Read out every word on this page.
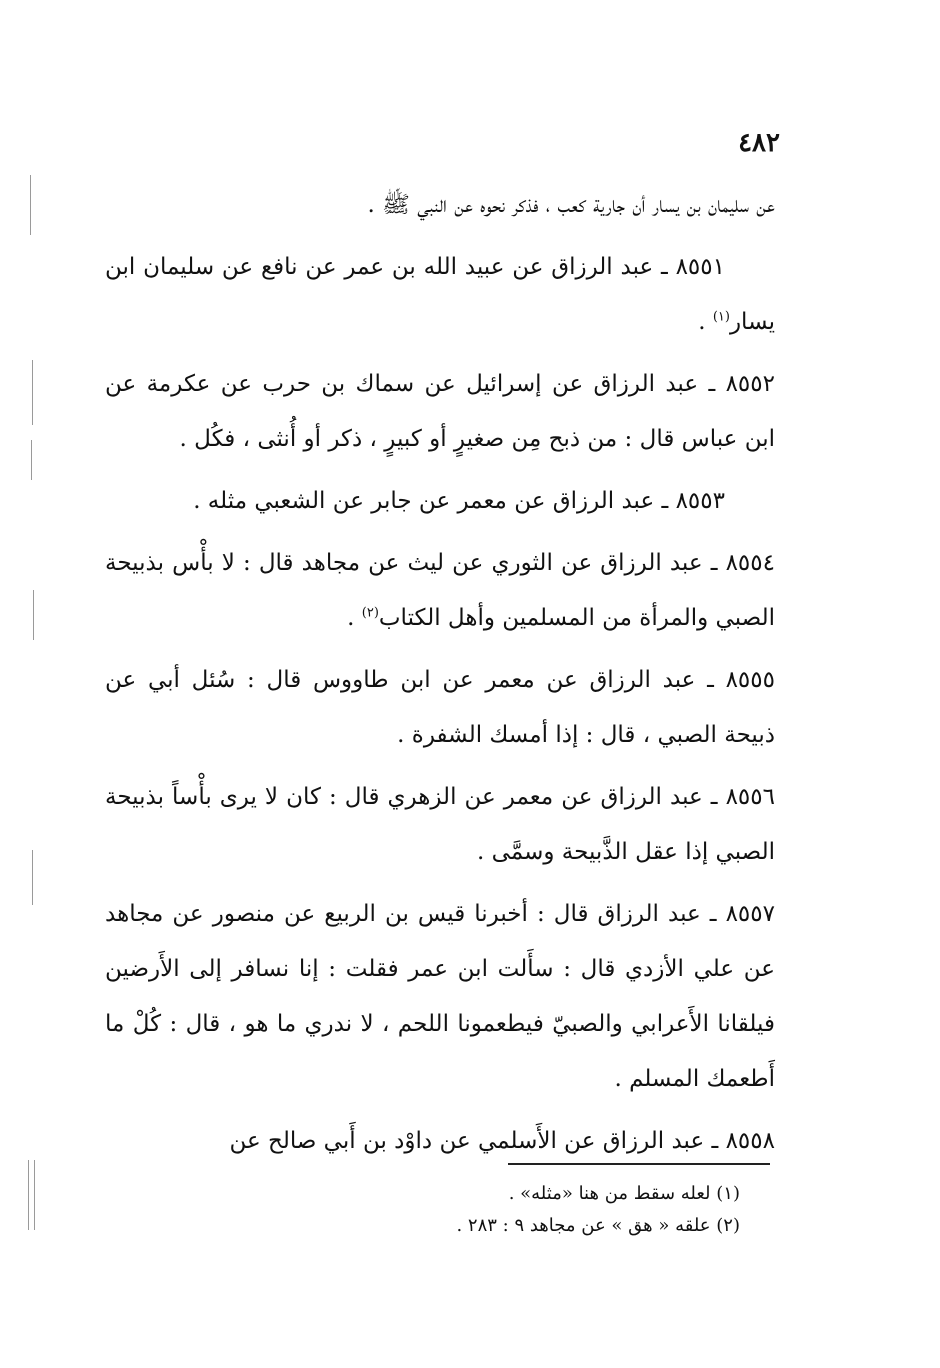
٤٨٢

عن سليمان بن يسار أن جارية كعب ، فذكر نحوه عن النبي ﷺ .

٨٥٥١ ـ عبد الرزاق عن عبيد الله بن عمر عن نافع عن سليمان ابن يسار$^{(١)}$ .

٨٥٥٢ ـ عبد الرزاق عن إسرائيل عن سماك بن حرب عن عكرمة عن ابن عباس قال : من ذبح مِن صغيرٍ أو كبيرٍ ، ذكر أو أُنثى ، فكُل .

٨٥٥٣ ـ عبد الرزاق عن معمر عن جابر عن الشعبي مثله .

٨٥٥٤ ـ عبد الرزاق عن الثوري عن ليث عن مجاهد قال : لا بأْس بذبيحة الصبي والمرأة من المسلمين وأهل الكتاب$^{(٢)}$ .

٨٥٥٥ ـ عبد الرزاق عن معمر عن ابن طاووس قال : سُئل أبي عن ذبيحة الصبي ، قال : إذا أمسك الشفرة .

٨٥٥٦ ـ عبد الرزاق عن معمر عن الزهري قال : كان لا يرى بأْساً بذبيحة الصبي إذا عقل الذَّبيحة وسمَّى .

٨٥٥٧ ـ عبد الرزاق قال : أخبرنا قيس بن الربيع عن منصور عن مجاهد عن علي الأزدي قال : سأَلت ابن عمر فقلت : إنا نسافر إلى الأَرضين فيلقانا الأَعرابي والصبيّ فيطعمونا اللحم ، لا ندري ما هو ، قال : كُلْ ما أَطعمك المسلم .

٨٥٥٨ ـ عبد الرزاق عن الأَسلمي عن داوْد بن أَبي صالح عن

(١) لعله سقط من هنا «مثله» .
(٢) علقه « هق » عن مجاهد ٩ : ٢٨٣ .
